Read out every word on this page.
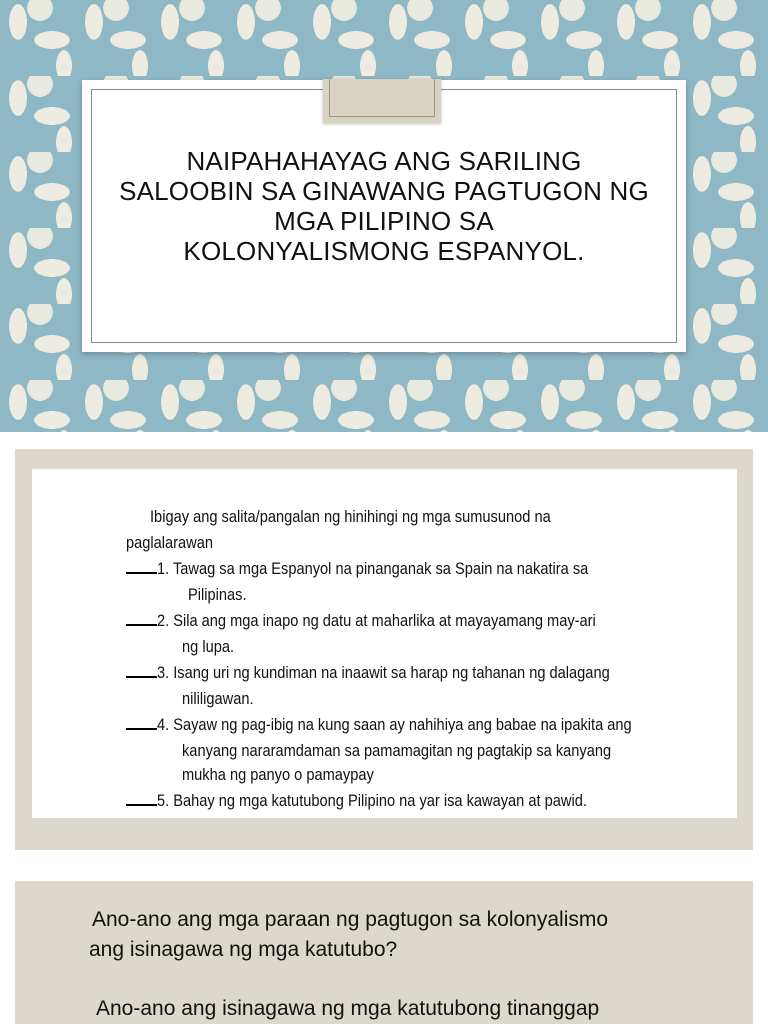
NAIPAHAHAYAG ANG SARILING
SALOOBIN SA GINAWANG PAGTUGON NG
MGA PILIPINO SA
KOLONYALISMONG ESPANYOL.
Ibigay ang salita/pangalan ng hinihingi ng mga sumusunod na
paglalarawan
1. Tawag sa mga Espanyol na pinanganak sa Spain na nakatira sa
Pilipinas.
2. Sila ang mga inapo ng datu at maharlika at mayayamang may-ari
ng lupa.
3. Isang uri ng kundiman na inaawit sa harap ng tahanan ng dalagang
nililigawan.
4. Sayaw ng pag-ibig na kung saan ay nahihiya ang babae na ipakita ang
kanyang nararamdaman sa pamamagitan ng pagtakip sa kanyang
mukha ng panyo o pamaypay
5. Bahay ng mga katutubong Pilipino na yar isa kawayan at pawid.
Ano-ano ang mga paraan ng pagtugon sa kolonyalismo
ang isinagawa ng mga katutubo?
Ano-ano ang isinagawa ng mga katutubong tinanggap
